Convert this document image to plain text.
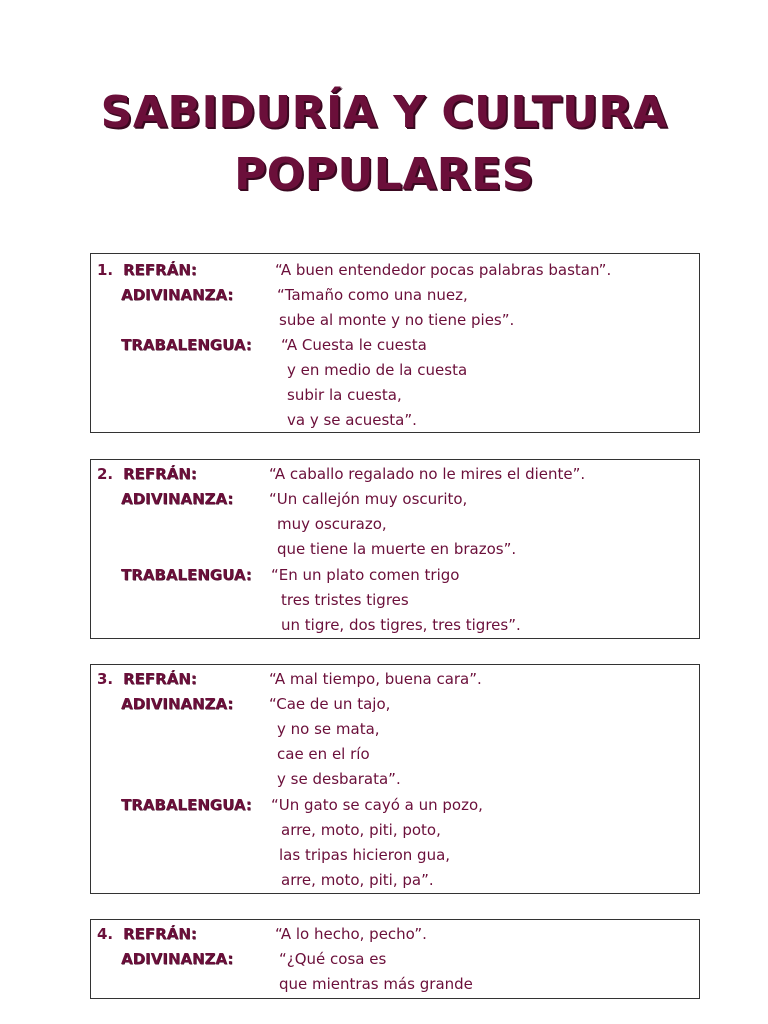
SABIDURÍA Y CULTURA
POPULARES
1. REFRÁN:	“A buen entendedor pocas palabras bastan”.
ADIVINANZA:	“Tamaño como una nuez,
sube al monte y no tiene pies”.
TRABALENGUA: “A Cuesta le cuesta
y en medio de la cuesta
subir la cuesta,
va y se acuesta”.
2. REFRÁN:	“A caballo regalado no le mires el diente”.
ADIVINANZA: “Un callejón muy oscurito,
muy oscurazo,
que tiene la muerte en brazos”.
TRABALENGUA: “En un plato comen trigo
tres tristes tigres
un tigre, dos tigres, tres tigres”.
3. REFRÁN:	“A mal tiempo, buena cara”.
ADIVINANZA: “Cae de un tajo,
y no se mata,
cae en el río
y se desbarata”.
TRABALENGUA: “Un gato se cayó a un pozo,
arre, moto, piti, poto,
las tripas hicieron gua,
arre, moto, piti, pa”.
4. REFRÁN:	“A lo hecho, pecho”.
ADIVINANZA:	“¿Qué cosa es
que mientras más grande
